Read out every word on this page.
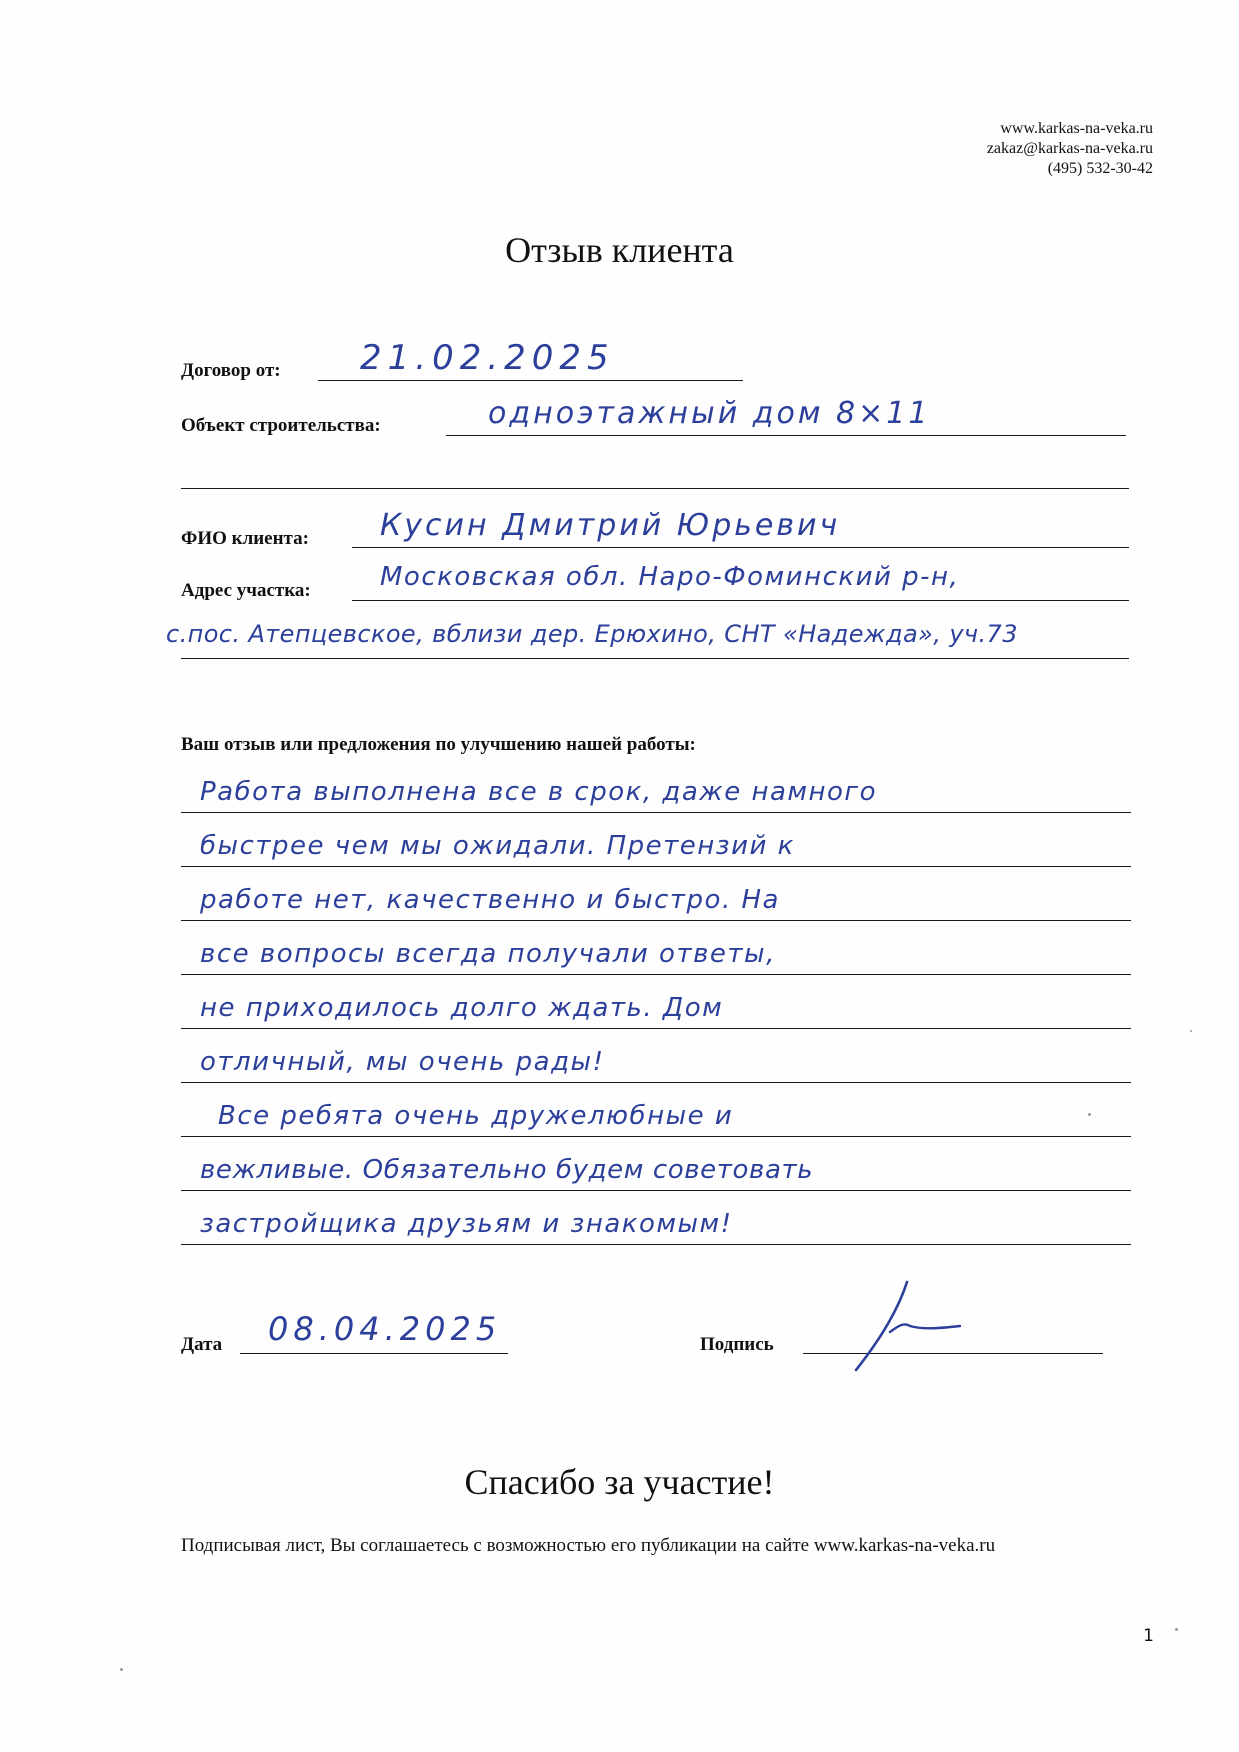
www.karkas-na-veka.ru
zakaz@karkas-na-veka.ru
(495) 532-30-42
Отзыв клиента
Договор от: 21.02.2025
Объект строительства:	одноэтажный дом 8×11
ФИО клиента: Кусин Дмитрий Юрьевич
Адрес участка:	Московская обл. Наро-Фоминский р-н,
с.пос. Атепцевское, вблизи дер. Ерюхино, СНТ «Надежда», уч.73
Ваш отзыв или предложения по улучшению нашей работы:
Работа выполнена все в срок, даже намного
быстрее чем мы ожидали. Претензий к
работе нет, качественно и быстро. На
все вопросы всегда получали ответы,
не приходилось долго ждать. Дом
отличный, мы очень рады!
Все ребята очень дружелюбные и
вежливые. Обязательно будем советовать
застройщика друзьям и знакомым!
Дата 08.04.2025	Подпись
Спасибо за участие!
Подписывая лист, Вы соглашаетесь с возможностью его публикации на сайте www.karkas-na-veka.ru
1
